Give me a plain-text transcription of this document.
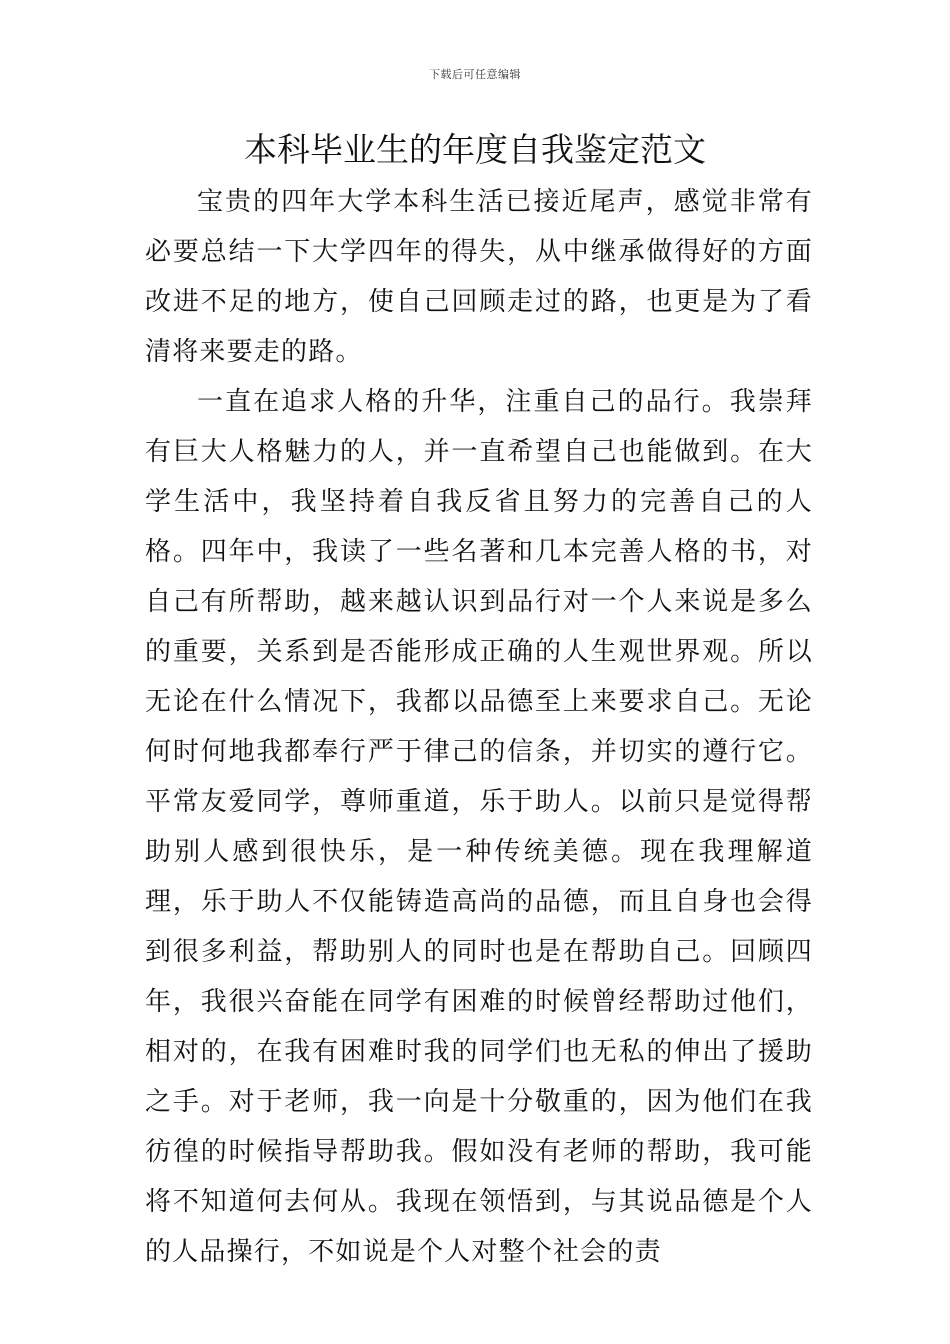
下载后可任意编辑
本科毕业生的年度自我鉴定范文

宝贵的四年大学本科生活已接近尾声，感觉非常有必要总结一下大学四年的得失，从中继承做得好的方面改进不足的地方，使自己回顾走过的路，也更是为了看清将来要走的路。

一直在追求人格的升华，注重自己的品行。我崇拜有巨大人格魅力的人，并一直希望自己也能做到。在大学生活中，我坚持着自我反省且努力的完善自己的人格。四年中，我读了一些名著和几本完善人格的书，对自己有所帮助，越来越认识到品行对一个人来说是多么的重要，关系到是否能形成正确的人生观世界观。所以无论在什么情况下，我都以品德至上来要求自己。无论何时何地我都奉行严于律己的信条，并切实的遵行它。平常友爱同学，尊师重道，乐于助人。以前只是觉得帮助别人感到很快乐，是一种传统美德。现在我理解道理，乐于助人不仅能铸造高尚的品德，而且自身也会得到很多利益，帮助别人的同时也是在帮助自己。回顾四年，我很兴奋能在同学有困难的时候曾经帮助过他们，相对的，在我有困难时我的同学们也无私的伸出了援助之手。对于老师，我一向是十分敬重的，因为他们在我彷徨的时候指导帮助我。假如没有老师的帮助，我可能将不知道何去何从。我现在领悟到，与其说品德是个人的人品操行，不如说是个人对整个社会的责
